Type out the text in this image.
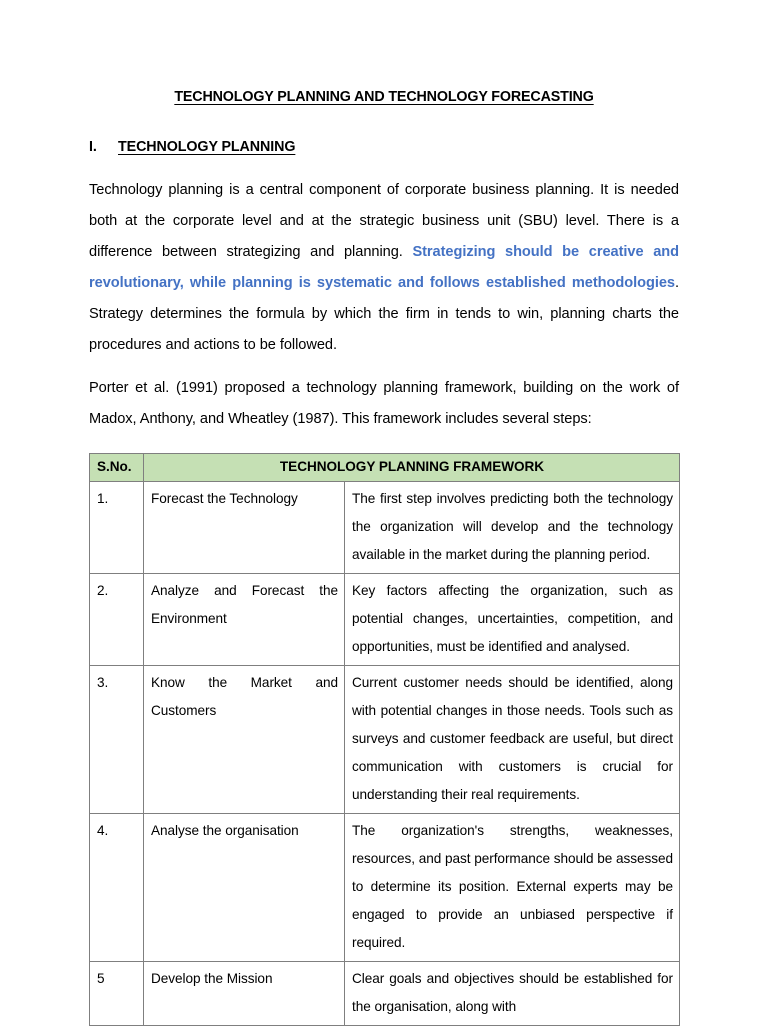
TECHNOLOGY PLANNING AND TECHNOLOGY FORECASTING
I. TECHNOLOGY PLANNING

Technology planning is a central component of corporate business planning. It is needed both at the corporate level and at the strategic business unit (SBU) level. There is a difference between strategizing and planning. Strategizing should be creative and revolutionary, while planning is systematic and follows established methodologies. Strategy determines the formula by which the firm in tends to win, planning charts the procedures and actions to be followed.

Porter et al. (1991) proposed a technology planning framework, building on the work of Madox, Anthony, and Wheatley (1987). This framework includes several steps:

S.No.	TECHNOLOGY PLANNING FRAMEWORK	
1.	Forecast the Technology	The first step involves predicting both the technology the organization will develop and the technology available in the market during the planning period.
2.	Analyze and Forecast the Environment	Key factors affecting the organization, such as potential changes, uncertainties, competition, and opportunities, must be identified and analysed.
3.	Know the Market and Customers	Current customer needs should be identified, along with potential changes in those needs. Tools such as surveys and customer feedback are useful, but direct communication with customers is crucial for understanding their real requirements.
4.	Analyse the organisation	The organization's strengths, weaknesses, resources, and past performance should be assessed to determine its position. External experts may be engaged to provide an unbiased perspective if required.
5	Develop the Mission	Clear goals and objectives should be established for the organisation, along with
